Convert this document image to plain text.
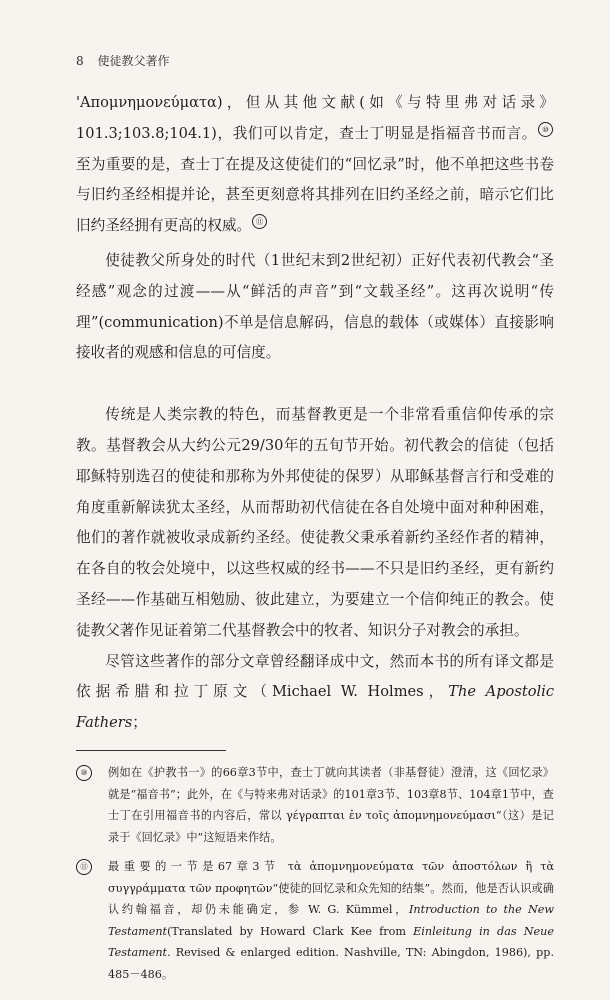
8 使徒教父著作

'Απομνημονεύματα)，但从其他文献(如《与特里弗对话录》101.3;103.8;104.1)，我们可以肯定，查士丁明显是指福音书而言。 ⑩至为重要的是，查士丁在提及这使徒们的“回忆录”时，他不单把这些书卷与旧约圣经相提并论，甚至更刻意将其排列在旧约圣经之前，暗示它们比旧约圣经拥有更高的权威。 ⑪

使徒教父所身处的时代（1世纪末到2世纪初）正好代表初代教会“圣经感”观念的过渡——从“鲜活的声音”到“文载圣经”。这再次说明“传理”(communication)不单是信息解码，信息的载体（或媒体）直接影响接收者的观感和信息的可信度。

传统是人类宗教的特色，而基督教更是一个非常看重信仰传承的宗教。基督教会从大约公元29/30年的五旬节开始。初代教会的信徒（包括耶稣特别选召的使徒和那称为外邦使徒的保罗）从耶稣基督言行和受难的角度重新解读犹太圣经，从而帮助初代信徒在各自处境中面对种种困难，他们的著作就被收录成新约圣经。使徒教父秉承着新约圣经作者的精神，在各自的牧会处境中，以这些权威的经书——不只是旧约圣经，更有新约圣经——作基础互相勉励、彼此建立，为要建立一个信仰纯正的教会。使徒教父著作见证着第二代基督教会中的牧者、知识分子对教会的承担。

尽管这些著作的部分文章曾经翻译成中文，然而本书的所有译文都是依据希腊和拉丁原文（Michael W. Holmes，The Apostolic Fathers；

⑩	例如在《护教书一》的66章3节中，查士丁就向其读者（非基督徒）澄清，这《回忆录》就是“福音书”；此外，在《与特来弗对话录》的101章3节、103章8节、104章1节中，查士丁在引用福音书的内容后，常以 γέγραπται ἐν τοῖς ἀπομνημονεύμασι“（这）是记录于《回忆录》中”这短语来作结。
⑪	最重要的一节是67章3节 τὰ ἀπομνημονεύματα τῶν ἀποστόλων ἢ τὰ συγγράμματα τῶν προφητῶν“使徒的回忆录和众先知的结集”。然而，他是否认识或确认约翰福音，却仍未能确定，参 W. G. Kümmel，Introduction to the New Testament(Translated by Howard Clark Kee from Einleitung in das Neue Testament. Revised & enlarged edition. Nashville, TN: Abingdon, 1986), pp. 485－486。
